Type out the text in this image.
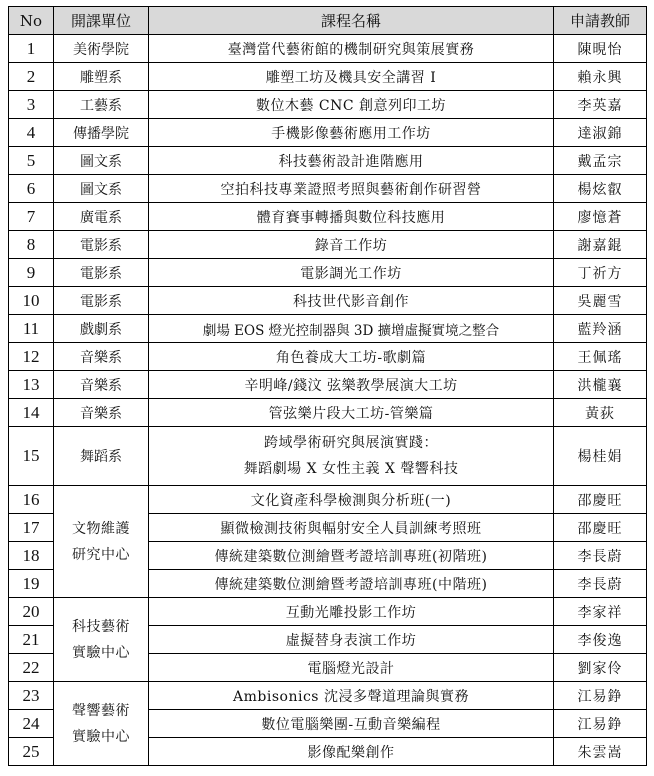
No	開課單位	課程名稱	申請教師
1	美術學院	臺灣當代藝術館的機制研究與策展實務	陳晛怡
2	雕塑系	雕塑工坊及機具安全講習 I	賴永興
3	工藝系	數位木藝 CNC 創意列印工坊	李英嘉
4	傳播學院	手機影像藝術應用工作坊	達淑錦
5	圖文系	科技藝術設計進階應用	戴孟宗
6	圖文系	空拍科技專業證照考照與藝術創作研習營	楊炫叡
7	廣電系	體育賽事轉播與數位科技應用	廖憶蒼
8	電影系	錄音工作坊	謝嘉錕
9	電影系	電影調光工作坊	丁祈方
10	電影系	科技世代影音創作	吳麗雪
11	戲劇系	劇場 EOS 燈光控制器與 3D 擴增虛擬實境之整合	藍羚涵
12	音樂系	角色養成大工坊-歌劇篇	王佩瑤
13	音樂系	辛明峰/錢汶 弦樂教學展演大工坊	洪櫳襄
14	音樂系	管弦樂片段大工坊-管樂篇	黃荻
15	舞蹈系	跨域學術研究與展演實踐：
舞蹈劇場 X 女性主義 X 聲響科技	楊桂娟
16	文物維護
研究中心	文化資產科學檢測與分析班(一)	邵慶旺
17		顯微檢測技術與輻射安全人員訓練考照班	邵慶旺
18		傳統建築數位測繪暨考證培訓專班(初階班)	李長蔚
19		傳統建築數位測繪暨考證培訓專班(中階班)	李長蔚
20	科技藝術
實驗中心	互動光雕投影工作坊	李家祥
21		虛擬替身表演工作坊	李俊逸
22		電腦燈光設計	劉家伶
23	聲響藝術
實驗中心	Ambisonics 沈浸多聲道理論與實務	江易錚
24		數位電腦樂團-互動音樂編程	江易錚
25		影像配樂創作	朱雲嵩
